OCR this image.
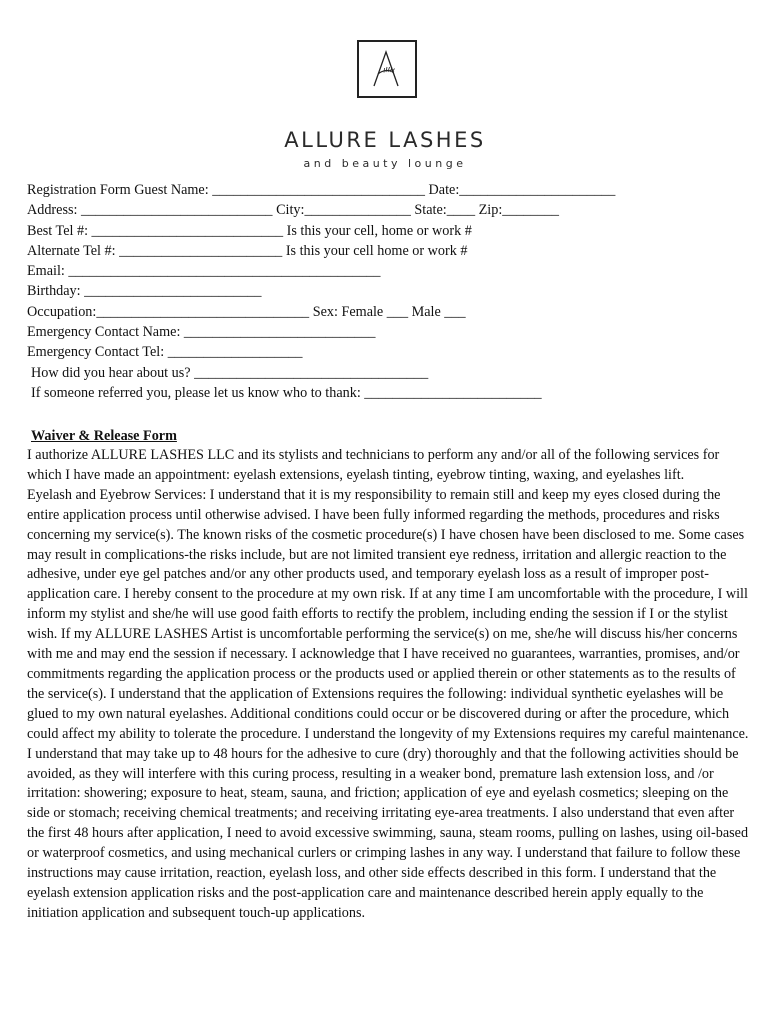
ALLURE LASHES
and beauty lounge
Registration Form Guest Name: ______________________________ Date:______________________
Address: ___________________________ City:_______________ State:____ Zip:________
Best Tel #: ___________________________ Is this your cell, home or work #
Alternate Tel #: _______________________ Is this your cell home or work #
Email: ____________________________________________
Birthday: _________________________
Occupation:______________________________ Sex: Female ___ Male ___
Emergency Contact Name: ___________________________
Emergency Contact Tel: ___________________
How did you hear about us? _________________________________
If someone referred you, please let us know who to thank: _________________________
Waiver & Release Form

I authorize ALLURE LASHES LLC and its stylists and technicians to perform any and/or all of the following services for which I have made an appointment: eyelash extensions, eyelash tinting, eyebrow tinting, waxing, and eyelashes lift.

Eyelash and Eyebrow Services: I understand that it is my responsibility to remain still and keep my eyes closed during the entire application process until otherwise advised. I have been fully informed regarding the methods, procedures and risks concerning my service(s). The known risks of the cosmetic procedure(s) I have chosen have been disclosed to me. Some cases may result in complications-the risks include, but are not limited transient eye redness, irritation and allergic reaction to the adhesive, under eye gel patches and/or any other products used, and temporary eyelash loss as a result of improper post-application care. I hereby consent to the procedure at my own risk. If at any time I am uncomfortable with the procedure, I will inform my stylist and she/he will use good faith efforts to rectify the problem, including ending the session if I or the stylist wish. If my ALLURE LASHES Artist is uncomfortable performing the service(s) on me, she/he will discuss his/her concerns with me and may end the session if necessary. I acknowledge that I have received no guarantees, warranties, promises, and/or commitments regarding the application process or the products used or applied therein or other statements as to the results of the service(s). I understand that the application of Extensions requires the following: individual synthetic eyelashes will be glued to my own natural eyelashes. Additional conditions could occur or be discovered during or after the procedure, which could affect my ability to tolerate the procedure. I understand the longevity of my Extensions requires my careful maintenance. I understand that may take up to 48 hours for the adhesive to cure (dry) thoroughly and that the following activities should be avoided, as they will interfere with this curing process, resulting in a weaker bond, premature lash extension loss, and /or irritation: showering; exposure to heat, steam, sauna, and friction; application of eye and eyelash cosmetics; sleeping on the side or stomach; receiving chemical treatments; and receiving irritating eye-area treatments. I also understand that even after the first 48 hours after application, I need to avoid excessive swimming, sauna, steam rooms, pulling on lashes, using oil-based or waterproof cosmetics, and using mechanical curlers or crimping lashes in any way. I understand that failure to follow these instructions may cause irritation, reaction, eyelash loss, and other side effects described in this form. I understand that the eyelash extension application risks and the post-application care and maintenance described herein apply equally to the initiation application and subsequent touch-up applications.
